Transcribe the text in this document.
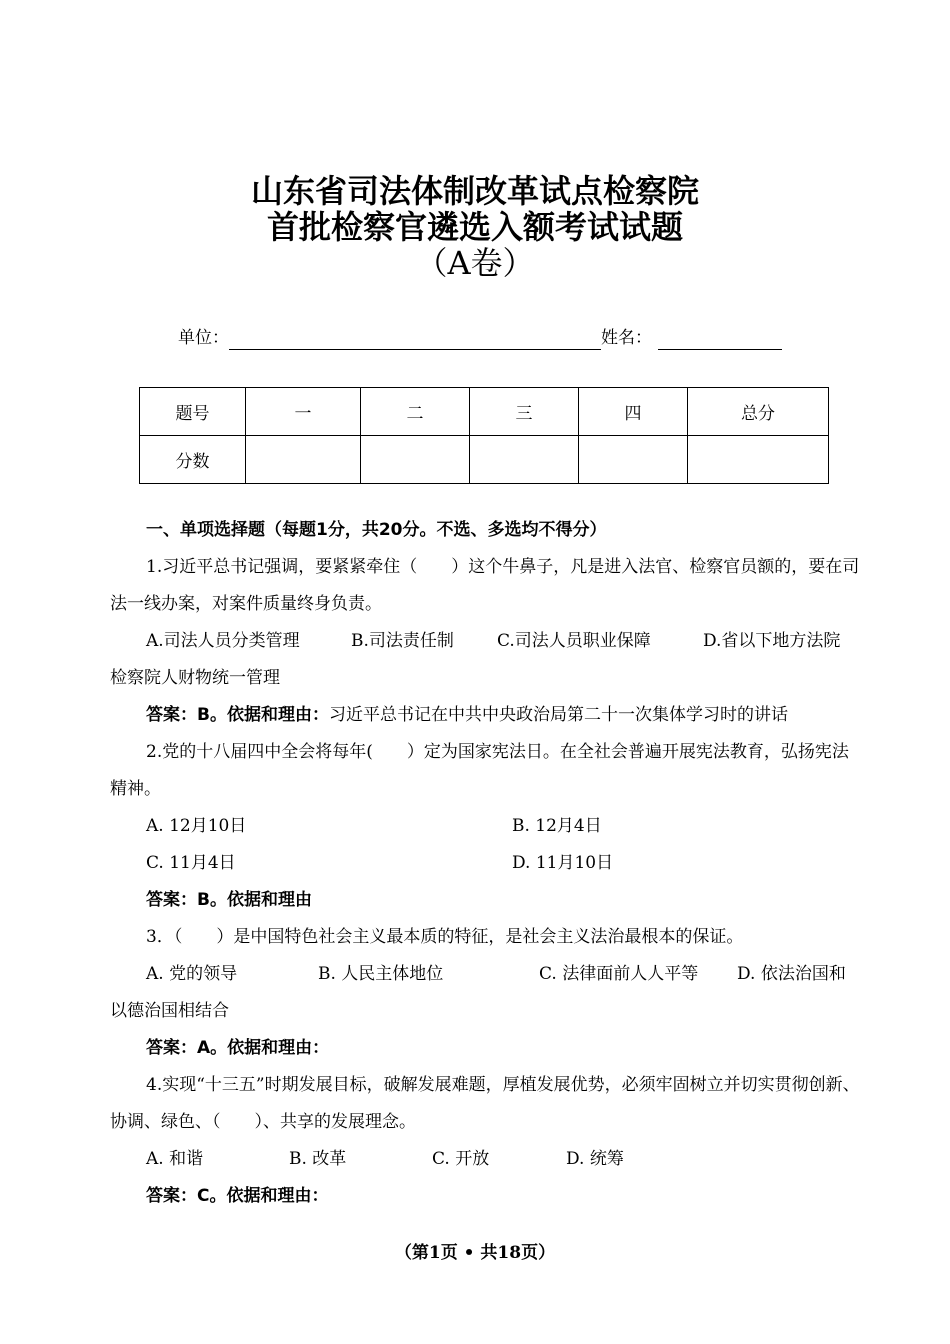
山东省司法体制改革试点检察院
首批检察官遴选入额考试试题
（A卷）
单位：	姓名：
题号	一	二	三	四	总分
分数					

一、单项选择题（每题1分，共20分。不选、多选均不得分）

1.习近平总书记强调，要紧紧牵住（　　）这个牛鼻子，凡是进入法官、检察官员额的，要在司法一线办案，对案件质量终身负责。

A.司法人员分类管理	B.司法责任制	C.司法人员职业保障	D.省以下地方法院

检察院人财物统一管理

答案：B。依据和理由：习近平总书记在中共中央政治局第二十一次集体学习时的讲话

2.党的十八届四中全会将每年(　　）定为国家宪法日。在全社会普遍开展宪法教育，弘扬宪法精神。

A. 12月10日	B. 12月4日
C. 11月4日	D. 11月10日

答案：B。依据和理由

3．（　　）是中国特色社会主义最本质的特征，是社会主义法治最根本的保证。

A. 党的领导	B. 人民主体地位	C. 法律面前人人平等	D. 依法治国和

以德治国相结合

答案：A。依据和理由：

4.实现“十三五”时期发展目标，破解发展难题，厚植发展优势，必须牢固树立并切实贯彻创新、协调、绿色、（　　）、共享的发展理念。

A. 和谐	B. 改革	C. 开放	D. 统筹

答案：C。依据和理由：

（第1页 • 共18页）
